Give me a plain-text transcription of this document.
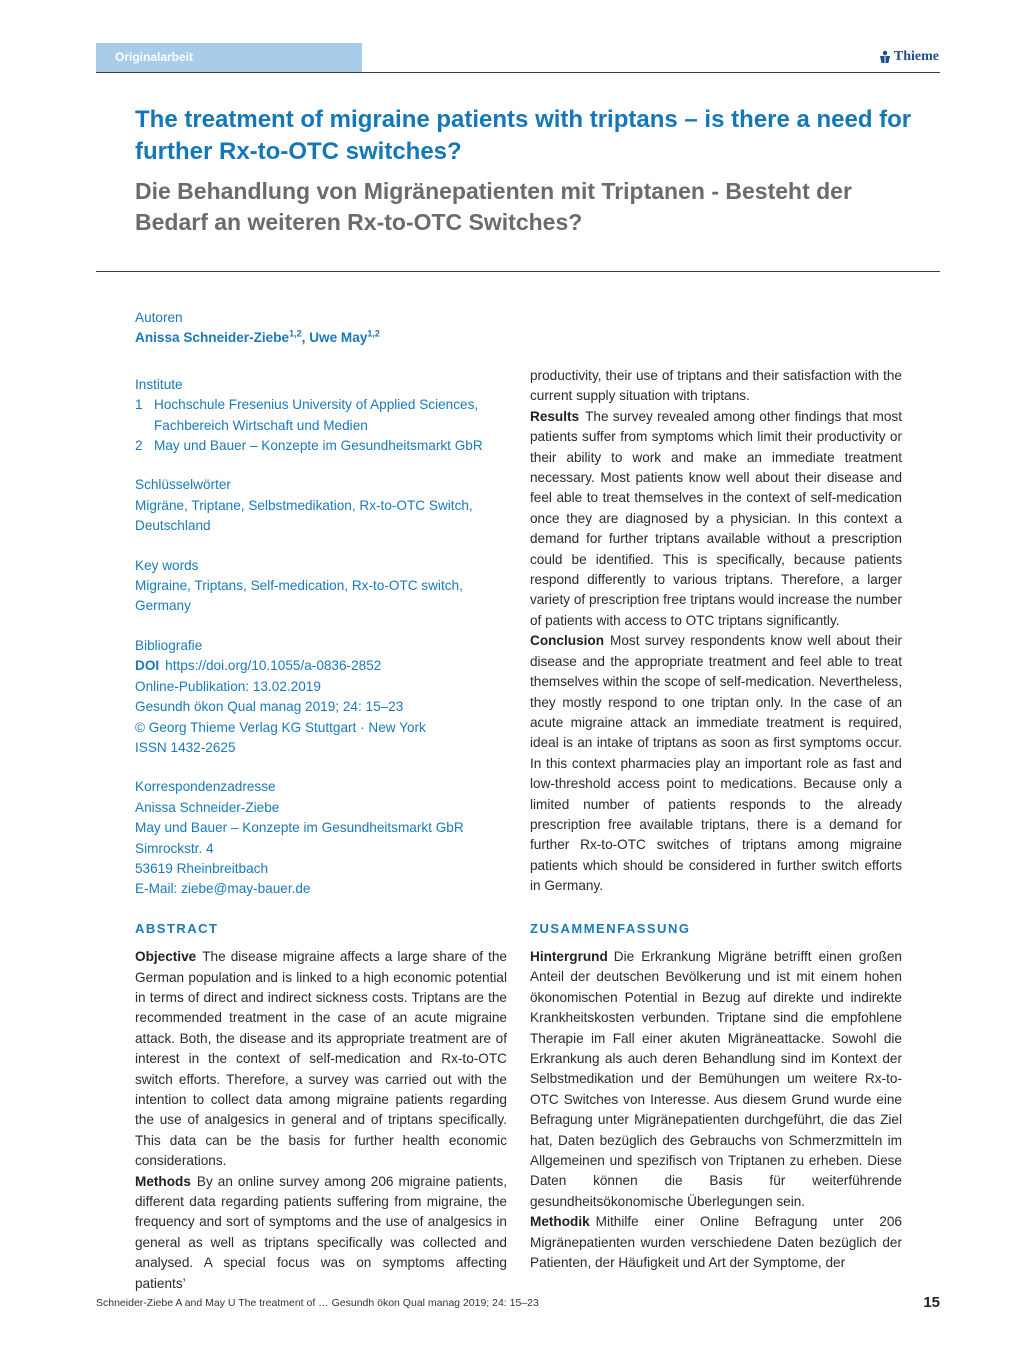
Originalarbeit	Thieme
The treatment of migraine patients with triptans – is there a need for further Rx-to-OTC switches?
Die Behandlung von Migränepatienten mit Triptanen - Besteht der Bedarf an weiteren Rx-to-OTC Switches?

Autoren

Anissa Schneider-Ziebe$^{1,2}$, Uwe May$^{1,2}$

Institute

1 Hochschule Fresenius University of Applied Sciences, Fachbereich Wirtschaft und Medien
2 May und Bauer – Konzepte im Gesundheitsmarkt GbR

Schlüsselwörter

Migräne, Triptane, Selbstmedikation, Rx-to-OTC Switch, Deutschland

Key words

Migraine, Triptans, Self-medication, Rx-to-OTC switch, Germany

Bibliografie

DOI https://doi.org/10.1055/a-0836-2852

Online-Publikation: 13.02.2019

Gesundh ökon Qual manag 2019; 24: 15–23

© Georg Thieme Verlag KG Stuttgart · New York

ISSN 1432-2625

Korrespondenzadresse

Anissa Schneider-Ziebe

May und Bauer – Konzepte im Gesundheitsmarkt GbR

Simrockstr. 4

53619 Rheinbreitbach

E-Mail: ziebe@may-bauer.de

ABSTRACT

Objective The disease migraine affects a large share of the German population and is linked to a high economic potential in terms of direct and indirect sickness costs. Triptans are the recommended treatment in the case of an acute migraine attack. Both, the disease and its appropriate treatment are of interest in the context of self-medication and Rx-to-OTC switch efforts. Therefore, a survey was carried out with the intention to collect data among migraine patients regarding the use of analgesics in general and of triptans specifically. This data can be the basis for further health economic considerations.

Methods By an online survey among 206 migraine patients, different data regarding patients suffering from migraine, the frequency and sort of symptoms and the use of analgesics in general as well as triptans specifically was collected and analysed. A special focus was on symptoms affecting patients’

productivity, their use of triptans and their satisfaction with the current supply situation with triptans.

Results The survey revealed among other findings that most patients suffer from symptoms which limit their productivity or their ability to work and make an immediate treatment necessary. Most patients know well about their disease and feel able to treat themselves in the context of self-medication once they are diagnosed by a physician. In this context a demand for further triptans available without a prescription could be identified. This is specifically, because patients respond differently to various triptans. Therefore, a larger variety of prescription free triptans would increase the number of patients with access to OTC triptans significantly.

Conclusion Most survey respondents know well about their disease and the appropriate treatment and feel able to treat themselves within the scope of self-medication. Nevertheless, they mostly respond to one triptan only. In the case of an acute migraine attack an immediate treatment is required, ideal is an intake of triptans as soon as first symptoms occur. In this context pharmacies play an important role as fast and low-threshold access point to medications. Because only a limited number of patients responds to the already prescription free available triptans, there is a demand for further Rx-to-OTC switches of triptans among migraine patients which should be considered in further switch efforts in Germany.

ZUSAMMENFASSUNG

Hintergrund Die Erkrankung Migräne betrifft einen großen Anteil der deutschen Bevölkerung und ist mit einem hohen ökonomischen Potential in Bezug auf direkte und indirekte Krankheitskosten verbunden. Triptane sind die empfohlene Therapie im Fall einer akuten Migräneattacke. Sowohl die Erkrankung als auch deren Behandlung sind im Kontext der Selbstmedikation und der Bemühungen um weitere Rx-to-OTC Switches von Interesse. Aus diesem Grund wurde eine Befragung unter Migränepatienten durchgeführt, die das Ziel hat, Daten bezüglich des Gebrauchs von Schmerzmitteln im Allgemeinen und spezifisch von Triptanen zu erheben. Diese Daten können die Basis für weiterführende gesundheitsökonomische Überlegungen sein.

Methodik Mithilfe einer Online Befragung unter 206 Migränepatienten wurden verschiedene Daten bezüglich der Patienten, der Häufigkeit und Art der Symptome, der

Schneider-Ziebe A and May U The treatment of … Gesundh ökon Qual manag 2019; 24: 15–23	15
